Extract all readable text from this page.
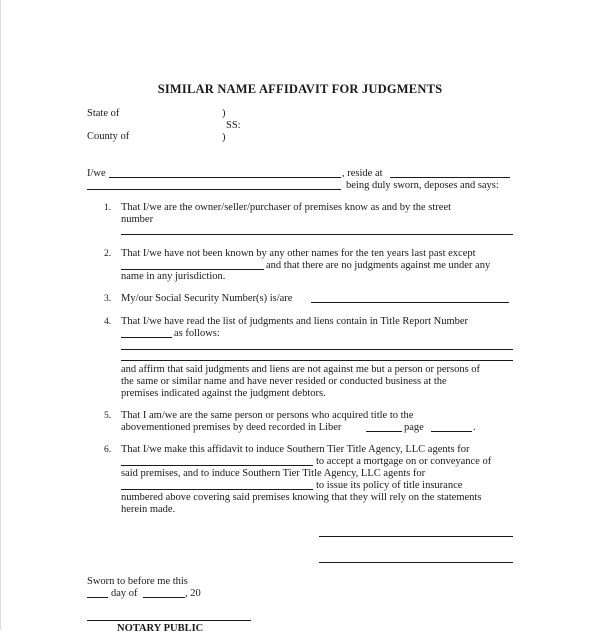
SIMILAR NAME AFFIDAVIT FOR JUDGMENTS
State of	)
SS:
County of	)
I/we	, reside at
being duly sworn, deposes and says:
1. That I/we are the owner/seller/purchaser of premises know as and by the street
number
2. That I/we have not been known by any other names for the ten years last past except
and that there are no judgments against me under any
name in any jurisdiction.
3. My/our Social Security Number(s) is/are
4. That I/we have read the list of judgments and liens contain in Title Report Number
as follows:
and affirm that said judgments and liens are not against me but a person or persons of
the same or similar name and have never resided or conducted business at the
premises indicated against the judgment debtors.
5. That I am/we are the same person or persons who acquired title to the
abovementioned premises by deed recorded in Liber	page	.
6. That I/we make this affidavit to induce Southern Tier Title Agency, LLC agents for
to accept a mortgage on or conveyance of
said premises, and to induce Southern Tier Title Agency, LLC agents for
to issue its policy of title insurance
numbered above covering said premises knowing that they will rely on the statements
herein made.
Sworn to before me this
day of	, 20
NOTARY PUBLIC
